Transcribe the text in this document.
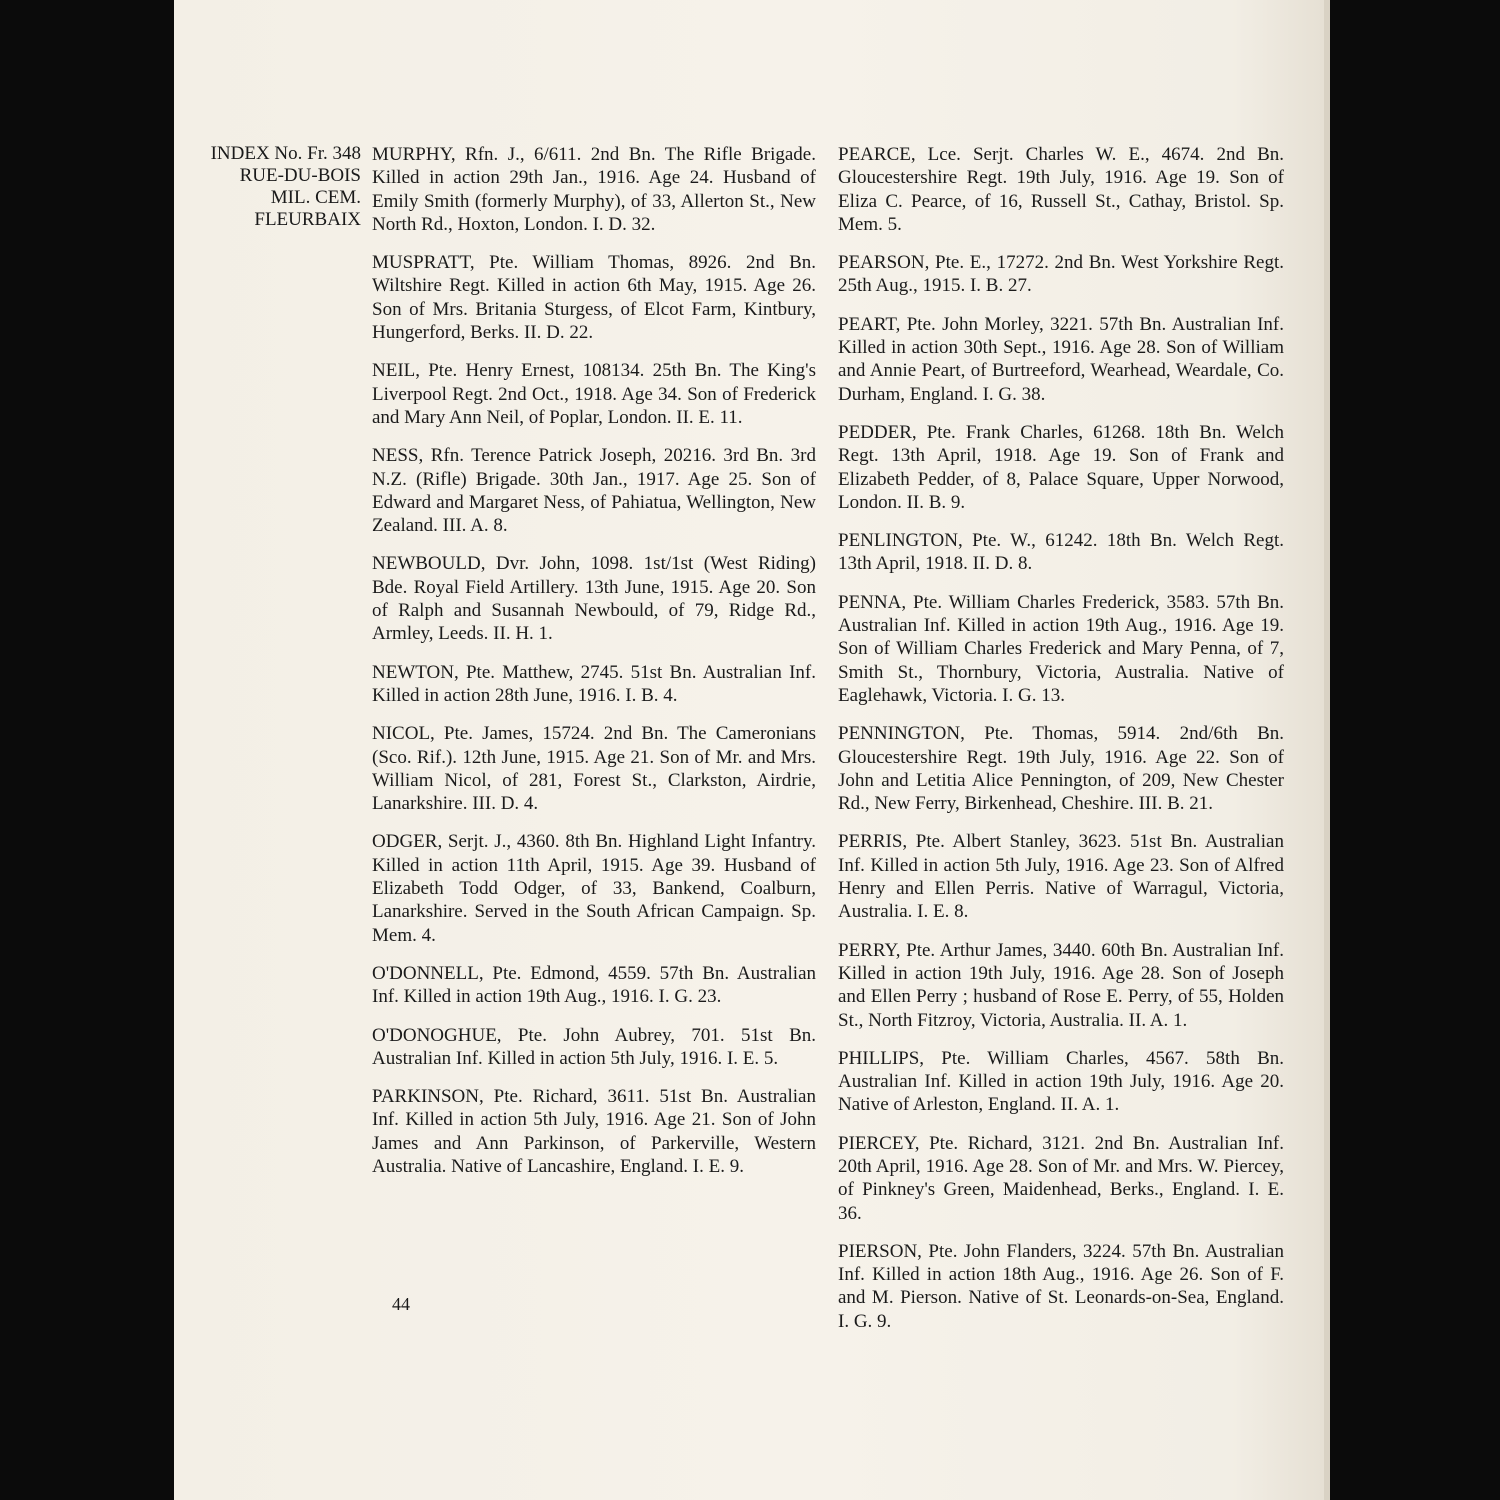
INDEX No. Fr. 348
RUE-DU-BOIS
MIL. CEM.
FLEURBAIX

MURPHY, Rfn. J., 6/611. 2nd Bn. The Rifle Brigade. Killed in action 29th Jan., 1916. Age 24. Husband of Emily Smith (formerly Murphy), of 33, Allerton St., New North Rd., Hoxton, London. I. D. 32.

MUSPRATT, Pte. William Thomas, 8926. 2nd Bn. Wiltshire Regt. Killed in action 6th May, 1915. Age 26. Son of Mrs. Britania Sturgess, of Elcot Farm, Kintbury, Hungerford, Berks. II. D. 22.

NEIL, Pte. Henry Ernest, 108134. 25th Bn. The King's Liverpool Regt. 2nd Oct., 1918. Age 34. Son of Frederick and Mary Ann Neil, of Poplar, London. II. E. 11.

NESS, Rfn. Terence Patrick Joseph, 20216. 3rd Bn. 3rd N.Z. (Rifle) Brigade. 30th Jan., 1917. Age 25. Son of Edward and Margaret Ness, of Pahiatua, Wellington, New Zealand. III. A. 8.

NEWBOULD, Dvr. John, 1098. 1st/1st (West Riding) Bde. Royal Field Artillery. 13th June, 1915. Age 20. Son of Ralph and Susannah Newbould, of 79, Ridge Rd., Armley, Leeds. II. H. 1.

NEWTON, Pte. Matthew, 2745. 51st Bn. Australian Inf. Killed in action 28th June, 1916. I. B. 4.

NICOL, Pte. James, 15724. 2nd Bn. The Cameronians (Sco. Rif.). 12th June, 1915. Age 21. Son of Mr. and Mrs. William Nicol, of 281, Forest St., Clarkston, Airdrie, Lanarkshire. III. D. 4.

ODGER, Serjt. J., 4360. 8th Bn. Highland Light Infantry. Killed in action 11th April, 1915. Age 39. Husband of Elizabeth Todd Odger, of 33, Bankend, Coalburn, Lanarkshire. Served in the South African Campaign. Sp. Mem. 4.

O'DONNELL, Pte. Edmond, 4559. 57th Bn. Australian Inf. Killed in action 19th Aug., 1916. I. G. 23.

O'DONOGHUE, Pte. John Aubrey, 701. 51st Bn. Australian Inf. Killed in action 5th July, 1916. I. E. 5.

PARKINSON, Pte. Richard, 3611. 51st Bn. Australian Inf. Killed in action 5th July, 1916. Age 21. Son of John James and Ann Parkinson, of Parkerville, Western Australia. Native of Lancashire, England. I. E. 9.

PEARCE, Lce. Serjt. Charles W. E., 4674. 2nd Bn. Gloucestershire Regt. 19th July, 1916. Age 19. Son of Eliza C. Pearce, of 16, Russell St., Cathay, Bristol. Sp. Mem. 5.

PEARSON, Pte. E., 17272. 2nd Bn. West Yorkshire Regt. 25th Aug., 1915. I. B. 27.

PEART, Pte. John Morley, 3221. 57th Bn. Australian Inf. Killed in action 30th Sept., 1916. Age 28. Son of William and Annie Peart, of Burtreeford, Wearhead, Weardale, Co. Durham, England. I. G. 38.

PEDDER, Pte. Frank Charles, 61268. 18th Bn. Welch Regt. 13th April, 1918. Age 19. Son of Frank and Elizabeth Pedder, of 8, Palace Square, Upper Norwood, London. II. B. 9.

PENLINGTON, Pte. W., 61242. 18th Bn. Welch Regt. 13th April, 1918. II. D. 8.

PENNA, Pte. William Charles Frederick, 3583. 57th Bn. Australian Inf. Killed in action 19th Aug., 1916. Age 19. Son of William Charles Frederick and Mary Penna, of 7, Smith St., Thornbury, Victoria, Australia. Native of Eaglehawk, Victoria. I. G. 13.

PENNINGTON, Pte. Thomas, 5914. 2nd/6th Bn. Gloucestershire Regt. 19th July, 1916. Age 22. Son of John and Letitia Alice Pennington, of 209, New Chester Rd., New Ferry, Birkenhead, Cheshire. III. B. 21.

PERRIS, Pte. Albert Stanley, 3623. 51st Bn. Australian Inf. Killed in action 5th July, 1916. Age 23. Son of Alfred Henry and Ellen Perris. Native of Warragul, Victoria, Australia. I. E. 8.

PERRY, Pte. Arthur James, 3440. 60th Bn. Australian Inf. Killed in action 19th July, 1916. Age 28. Son of Joseph and Ellen Perry ; husband of Rose E. Perry, of 55, Holden St., North Fitzroy, Victoria, Australia. II. A. 1.

PHILLIPS, Pte. William Charles, 4567. 58th Bn. Australian Inf. Killed in action 19th July, 1916. Age 20. Native of Arleston, England. II. A. 1.

PIERCEY, Pte. Richard, 3121. 2nd Bn. Australian Inf. 20th April, 1916. Age 28. Son of Mr. and Mrs. W. Piercey, of Pinkney's Green, Maidenhead, Berks., England. I. E. 36.

PIERSON, Pte. John Flanders, 3224. 57th Bn. Australian Inf. Killed in action 18th Aug., 1916. Age 26. Son of F. and M. Pierson. Native of St. Leonards-on-Sea, England. I. G. 9.

44
